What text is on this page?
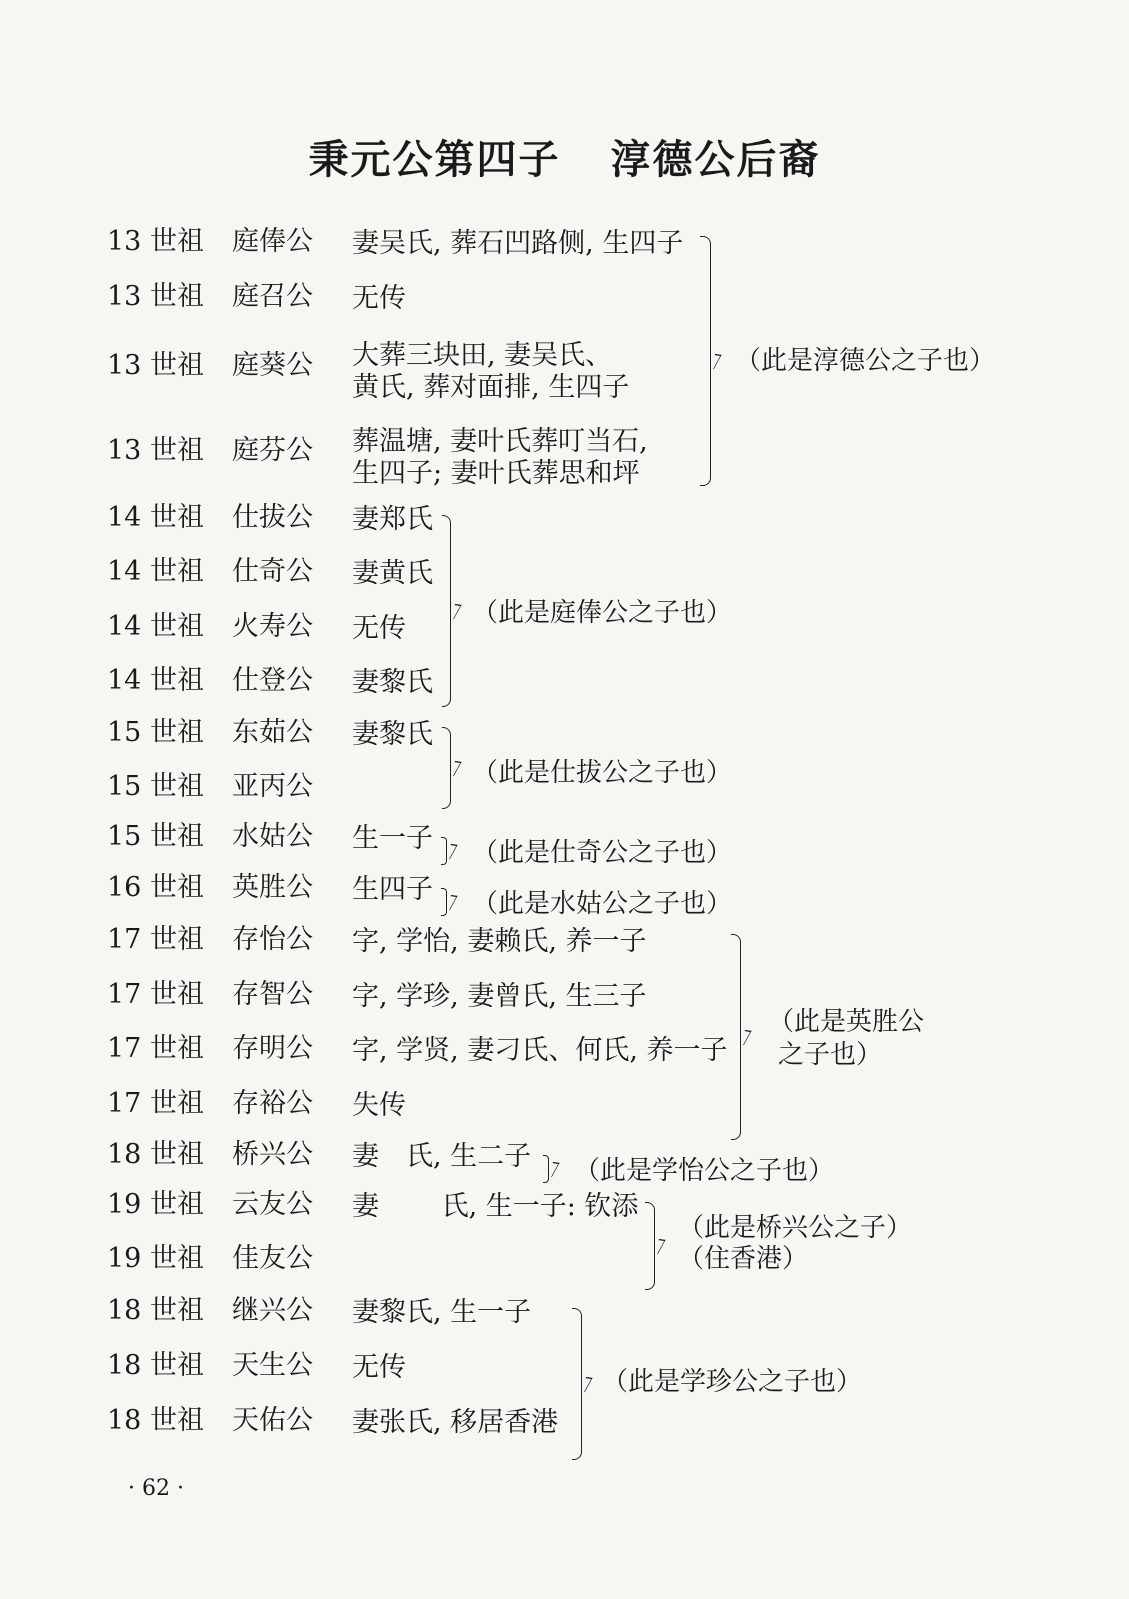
秉元公第四子 淳德公后裔
13 世祖 庭俸公 妻吴氏, 葬石凹路侧, 生四子
13 世祖 庭召公 无传
13 世祖 庭葵公 大葬三块田, 妻吴氏、
黄氏, 葬对面排, 生四子
13 世祖 庭芬公 葬温塘, 妻叶氏葬叮当石,
生四子; 妻叶氏葬思和坪
14 世祖 仕拔公 妻郑氏
14 世祖 仕奇公 妻黄氏
14 世祖 火寿公 无传
14 世祖 仕登公 妻黎氏
15 世祖 东茹公 妻黎氏
15 世祖 亚丙公
15 世祖 水姑公 生一子
16 世祖 英胜公 生四子
17 世祖 存怡公 字, 学怡, 妻赖氏, 养一子
17 世祖 存智公 字, 学珍, 妻曾氏, 生三子
17 世祖 存明公 字, 学贤, 妻刁氏、何氏, 养一子
17 世祖 存裕公 失传
18 世祖 桥兴公 妻　氏, 生二子
19 世祖 云友公 妻　　 氏, 生一子: 钦添
19 世祖 佳友公
18 世祖 继兴公 妻黎氏, 生一子
18 世祖 天生公 无传
18 世祖 天佑公 妻张氏, 移居香港
（此是淳德公之子也）
（此是庭俸公之子也）
（此是仕拔公之子也）
（此是仕奇公之子也）
（此是水姑公之子也）
（此是英胜公
之子也）
（此是学怡公之子也）
（此是桥兴公之子）
（住香港）
（此是学珍公之子也）
· 62 ·
